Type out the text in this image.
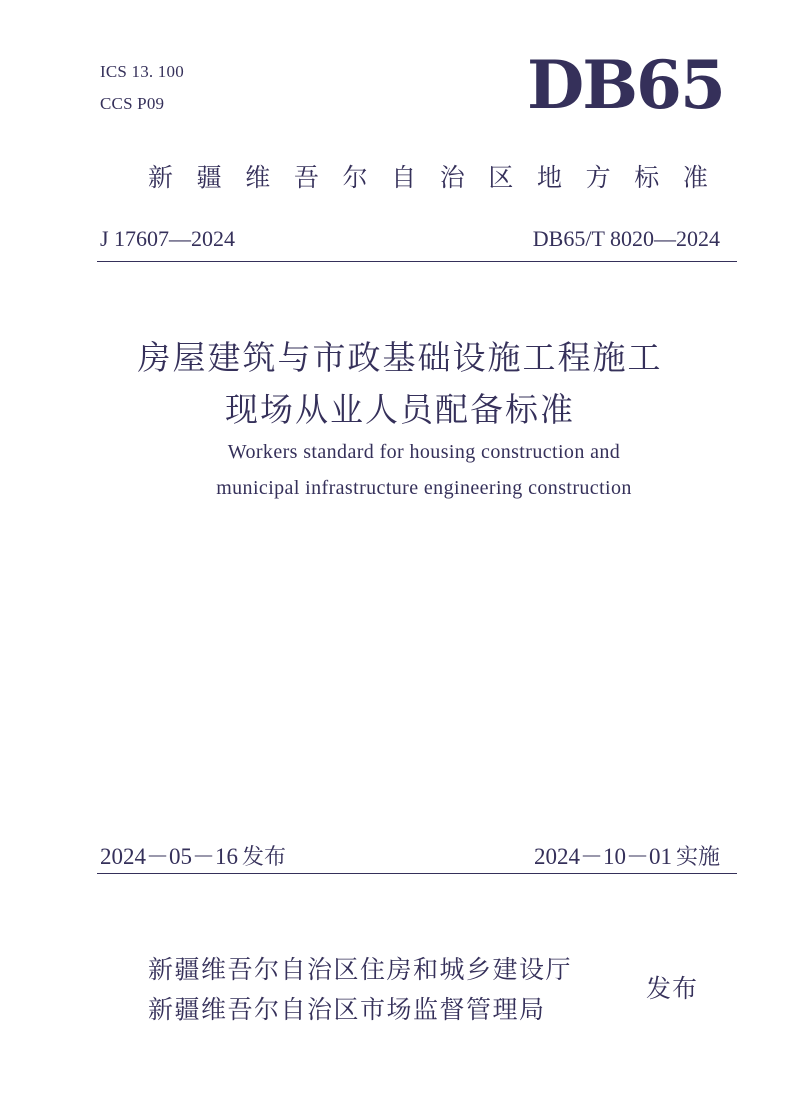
ICS 13. 100
CCS P09	DB65
新 疆 维 吾 尔 自 治 区 地 方 标 准
J 17607—2024	DB65/T 8020—2024
房屋建筑与市政基础设施工程施工
现场从业人员配备标准
Workers standard for housing construction and
municipal infrastructure engineering construction
2024－05－16 发布	2024－10－01 实施
新疆维吾尔自治区住房和城乡建设厅
新疆维吾尔自治区市场监督管理局
发布
